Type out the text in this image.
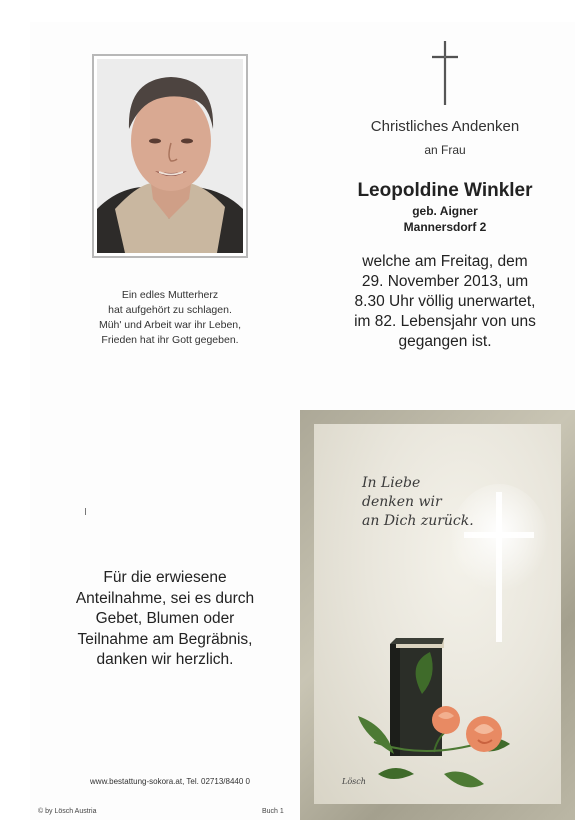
Ein edles Mutterherz
hat aufgehört zu schlagen.
Müh' und Arbeit war ihr Leben,
Frieden hat ihr Gott gegeben.
Christliches Andenken
an Frau
Leopoldine Winkler
geb. Aigner
Mannersdorf 2
welche am Freitag, dem
29. November 2013, um
8.30 Uhr völlig unerwartet,
im 82. Lebensjahr von uns
gegangen ist.
Für die erwiesene
Anteilnahme, sei es durch
Gebet, Blumen oder
Teilnahme am Begräbnis,
danken wir herzlich.
www.bestattung-sokora.at, Tel. 02713/8440 0
© by Lösch Austria	Buch 1
In Liebe
denken wir
an Dich zurück.
Lösch
